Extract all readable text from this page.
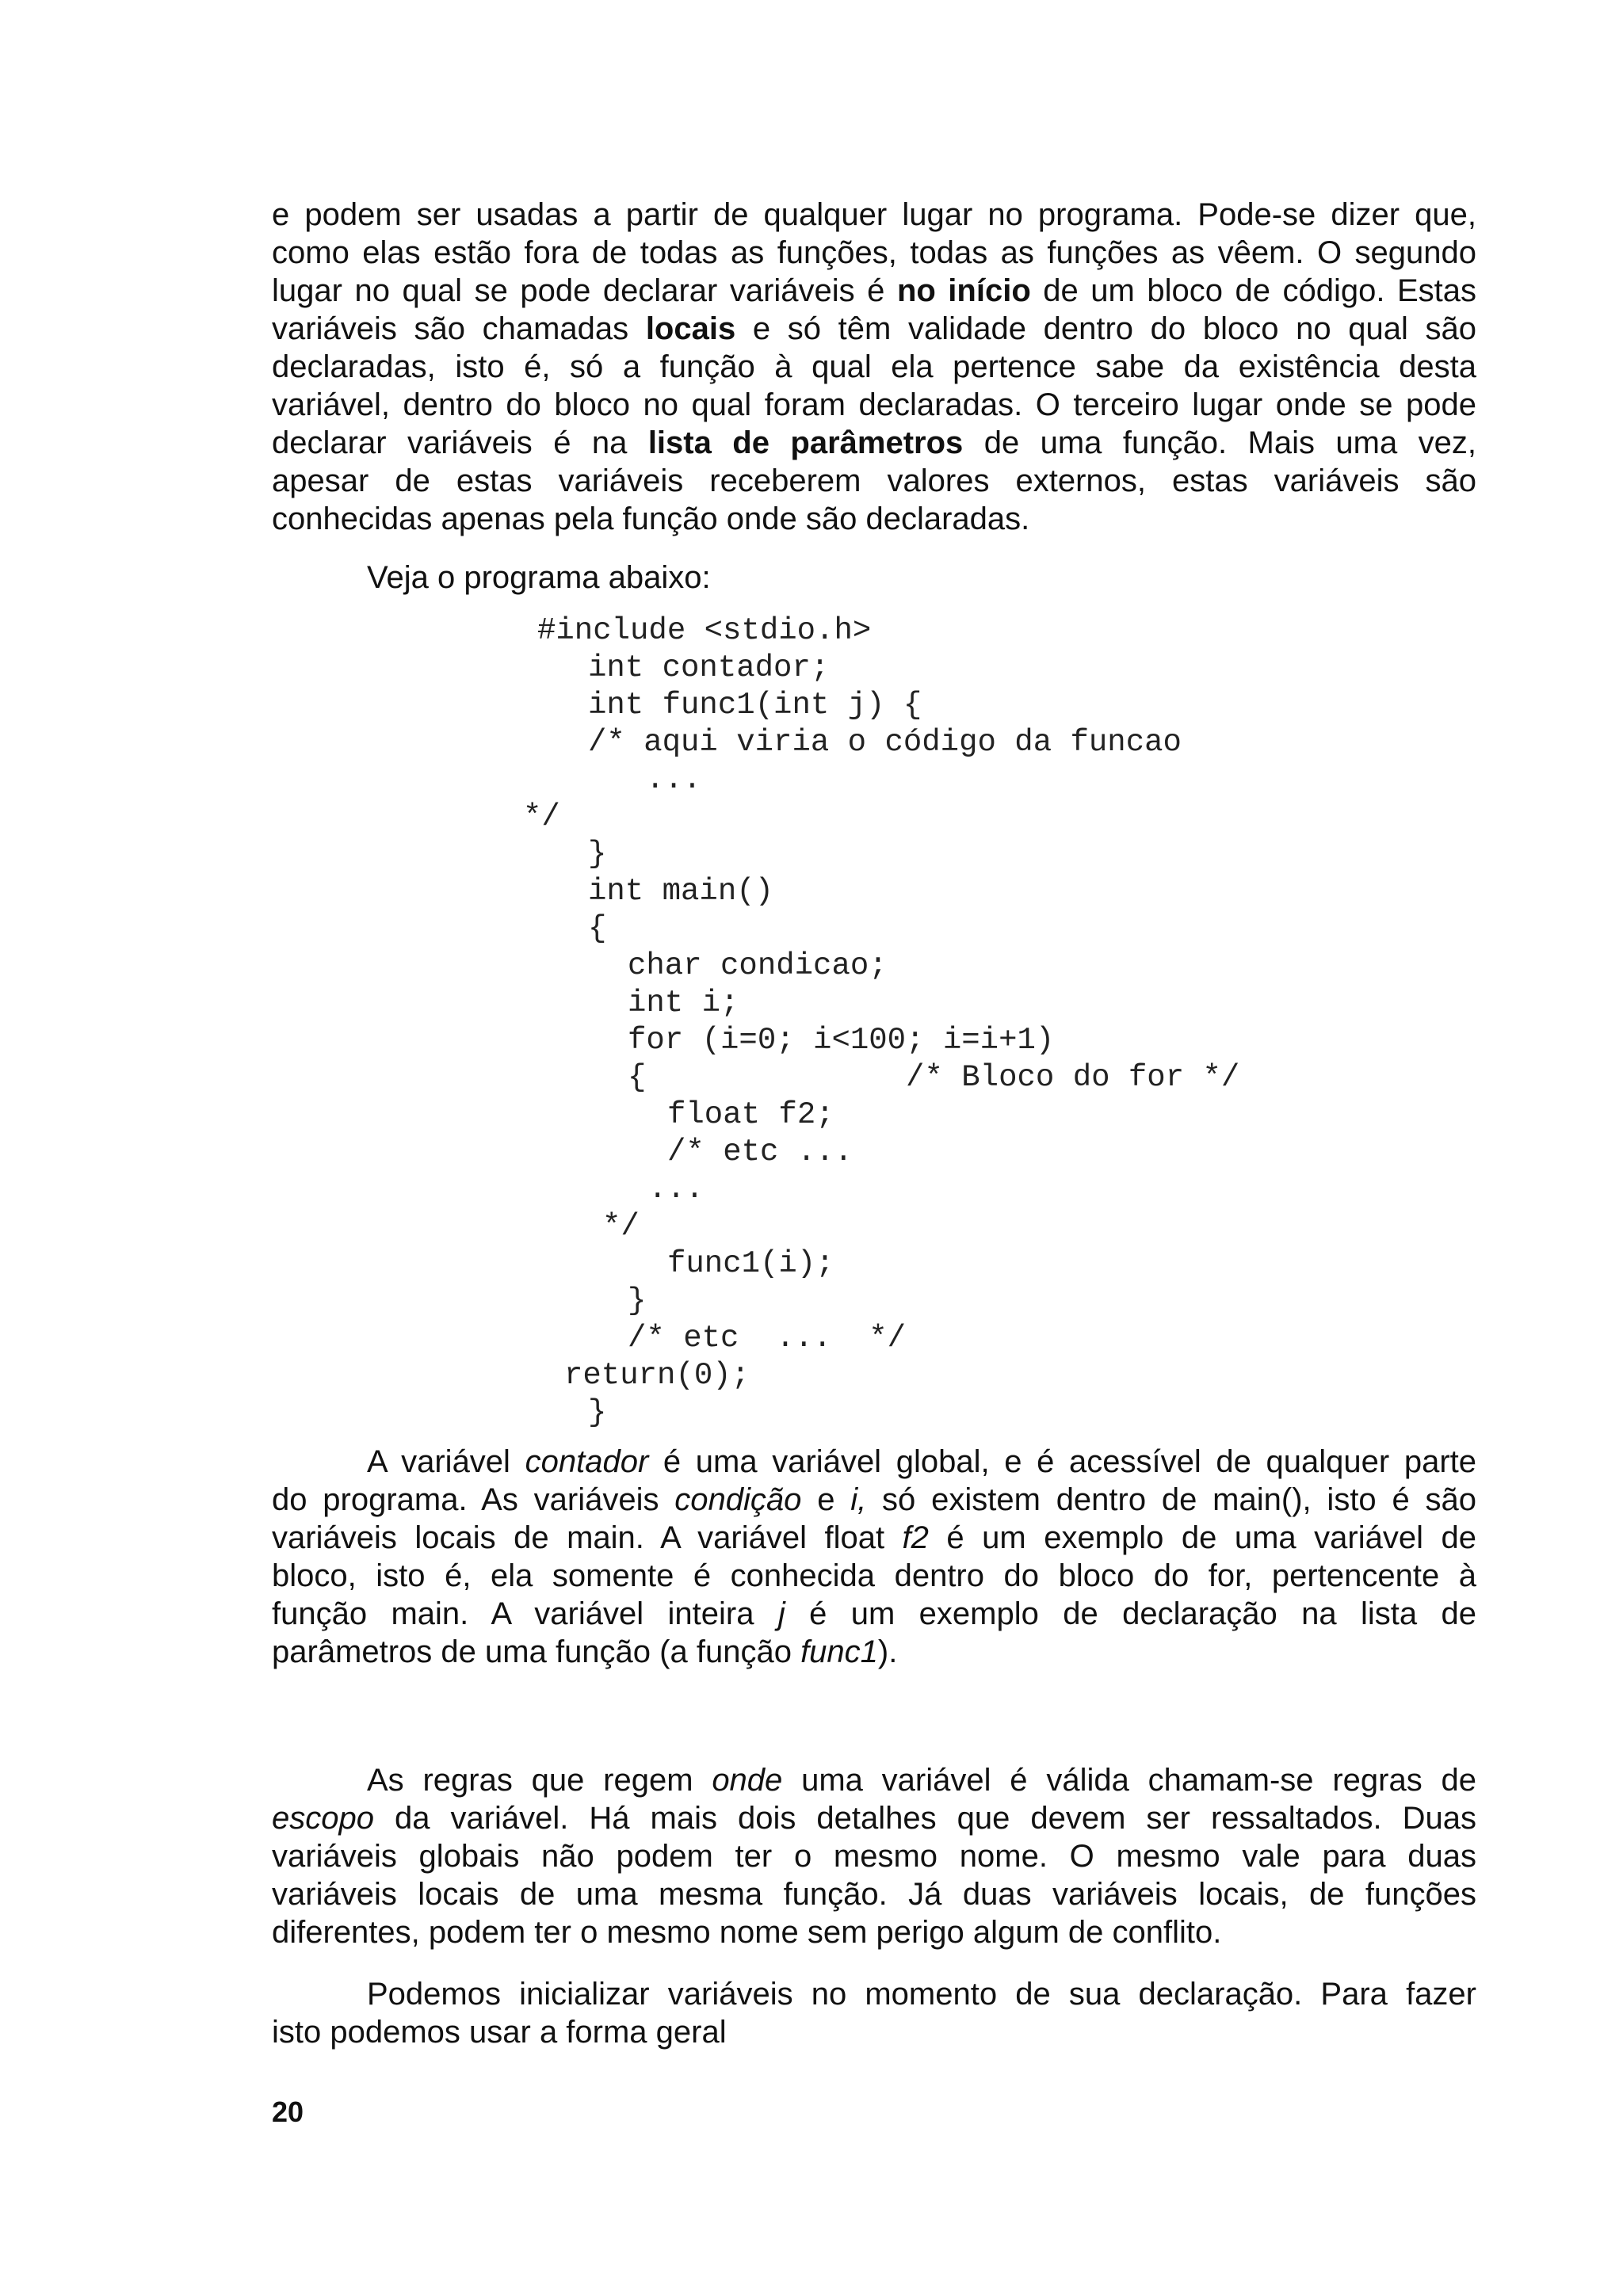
e podem ser usadas a partir de qualquer lugar no programa. Pode-se dizer que,
como elas estão fora de todas as funções, todas as funções as vêem. O segundo
lugar no qual se pode declarar variáveis é no início de um bloco de código. Estas
variáveis são chamadas locais e só têm validade dentro do bloco no qual são
declaradas, isto é, só a função à qual ela pertence sabe da existência desta
variável, dentro do bloco no qual foram declaradas. O terceiro lugar onde se pode
declarar variáveis é na lista de parâmetros de uma função. Mais uma vez,
apesar de estas variáveis receberem valores externos, estas variáveis são
conhecidas apenas pela função onde são declaradas.
Veja o programa abaixo:
#include <stdio.h>
int contador;
int func1(int j) {
/* aqui viria o código da funcao
...
*/
}
int main()
{
char condicao;
int i;
for (i=0; i<100; i=i+1)
{              /* Bloco do for */
float f2;
/* etc ...
...
*/
func1(i);
}
/* etc  ...  */
return(0);
}
A variável contador é uma variável global, e é acessível de qualquer parte
do programa. As variáveis condição e i, só existem dentro de main(), isto é são
variáveis locais de main. A variável float f2 é um exemplo de uma variável de
bloco, isto é, ela somente é conhecida dentro do bloco do for, pertencente à
função main. A variável inteira j é um exemplo de declaração na lista de
parâmetros de uma função (a função func1).
As regras que regem onde uma variável é válida chamam-se regras de
escopo da variável. Há mais dois detalhes que devem ser ressaltados. Duas
variáveis globais não podem ter o mesmo nome. O mesmo vale para duas
variáveis locais de uma mesma função. Já duas variáveis locais, de funções
diferentes, podem ter o mesmo nome sem perigo algum de conflito.
Podemos inicializar variáveis no momento de sua declaração. Para fazer
isto podemos usar a forma geral
20
